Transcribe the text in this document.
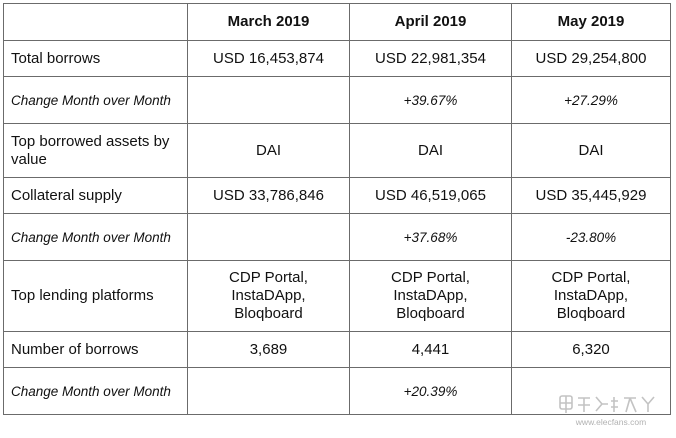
	March 2019	April 2019	May 2019
Total borrows	USD 16,453,874	USD 22,981,354	USD 29,254,800
Change Month over Month		+39.67%	+27.29%
Top borrowed assets by value	DAI	DAI	DAI
Collateral supply	USD 33,786,846	USD 46,519,065	USD 35,445,929
Change Month over Month		+37.68%	-23.80%
Top lending platforms	CDP Portal,
InstaDApp,
Bloqboard	CDP Portal,
InstaDApp,
Bloqboard	CDP Portal,
InstaDApp,
Bloqboard

Number of borrows	3,689	4,441	6,320
Change Month over Month		+20.39%	
www.elecfans.com
